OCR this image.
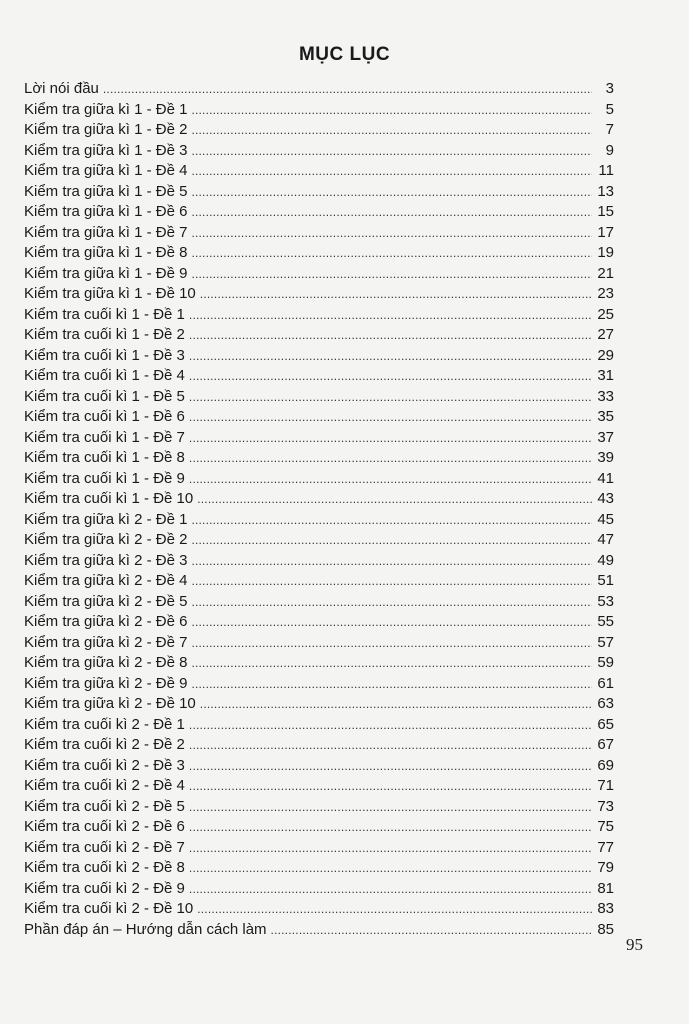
MỤC LỤC
Lời nói đầu .....	3
Kiểm tra giữa kì 1 - Đề 1 .....	5
Kiểm tra giữa kì 1 - Đề 2 .....	7
Kiểm tra giữa kì 1 - Đề 3 .....	9
Kiểm tra giữa kì 1 - Đề 4 .....	11
Kiểm tra giữa kì 1 - Đề 5 .....	13
Kiểm tra giữa kì 1 - Đề 6 .....	15
Kiểm tra giữa kì 1 - Đề 7 .....	17
Kiểm tra giữa kì 1 - Đề 8 .....	19
Kiểm tra giữa kì 1 - Đề 9 .....	21
Kiểm tra giữa kì 1 - Đề 10 .....	23
Kiểm tra cuối kì 1 - Đề 1 .....	25
Kiểm tra cuối kì 1 - Đề 2 .....	27
Kiểm tra cuối kì 1 - Đề 3 .....	29
Kiểm tra cuối kì 1 - Đề 4 .....	31
Kiểm tra cuối kì 1 - Đề 5 .....	33
Kiểm tra cuối kì 1 - Đề 6 .....	35
Kiểm tra cuối kì 1 - Đề 7 .....	37
Kiểm tra cuối kì 1 - Đề 8 .....	39
Kiểm tra cuối kì 1 - Đề 9 .....	41
Kiểm tra cuối kì 1 - Đề 10 .....	43
Kiểm tra giữa kì 2 - Đề 1 .....	45
Kiểm tra giữa kì 2 - Đề 2 .....	47
Kiểm tra giữa kì 2 - Đề 3 .....	49
Kiểm tra giữa kì 2 - Đề 4 .....	51
Kiểm tra giữa kì 2 - Đề 5 .....	53
Kiểm tra giữa kì 2 - Đề 6 .....	55
Kiểm tra giữa kì 2 - Đề 7 .....	57
Kiểm tra giữa kì 2 - Đề 8 .....	59
Kiểm tra giữa kì 2 - Đề 9 .....	61
Kiểm tra giữa kì 2 - Đề 10 .....	63
Kiểm tra cuối kì 2 - Đề 1 .....	65
Kiểm tra cuối kì 2 - Đề 2 .....	67
Kiểm tra cuối kì 2 - Đề 3 .....	69
Kiểm tra cuối kì 2 - Đề 4 .....	71
Kiểm tra cuối kì 2 - Đề 5 .....	73
Kiểm tra cuối kì 2 - Đề 6 .....	75
Kiểm tra cuối kì 2 - Đề 7 .....	77
Kiểm tra cuối kì 2 - Đề 8 .....	79
Kiểm tra cuối kì 2 - Đề 9 .....	81
Kiểm tra cuối kì 2 - Đề 10 .....	83
Phần đáp án – Hướng dẫn cách làm .....	85
95
